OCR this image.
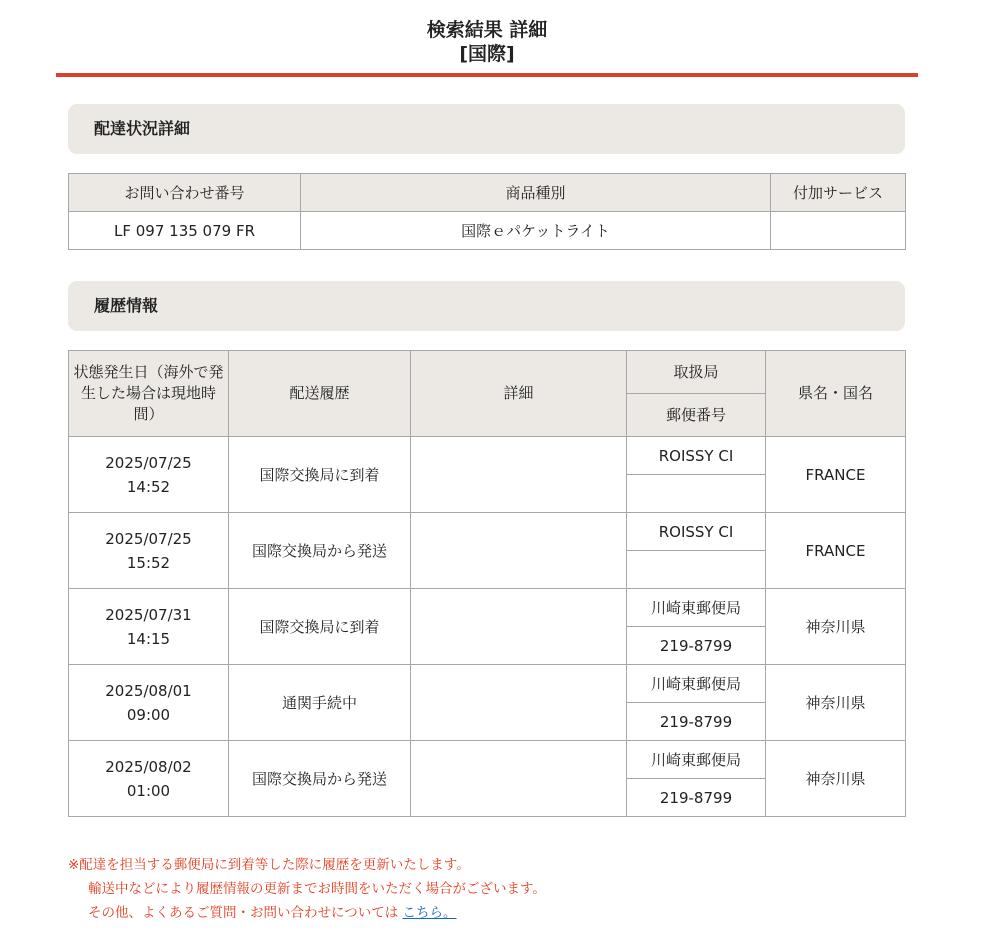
検索結果 詳細
[国際]
配達状況詳細
お問い合わせ番号	商品種別	付加サービス
LF 097 135 079 FR	国際ｅパケットライト	
履歴情報
状態発生日（海外で発生した場合は現地時間）	配送履歴	詳細	取扱局	県名・国名
			郵便番号	

2025/07/25
14:52	国際交換局に到着		ROISSY CI	FRANCE

2025/07/25
15:52	国際交換局から発送		ROISSY CI	FRANCE

2025/07/31
14:15	国際交換局に到着		川崎東郵便局	神奈川県
			219-8799	

2025/08/01
09:00	通関手続中		川崎東郵便局	神奈川県
			219-8799	

2025/08/02
01:00	国際交換局から発送		川崎東郵便局	神奈川県
			219-8799	
※配達を担当する郵便局に到着等した際に履歴を更新いたします。
輸送中などにより履歴情報の更新までお時間をいただく場合がございます。
その他、よくあるご質問・お問い合わせについては こちら。
